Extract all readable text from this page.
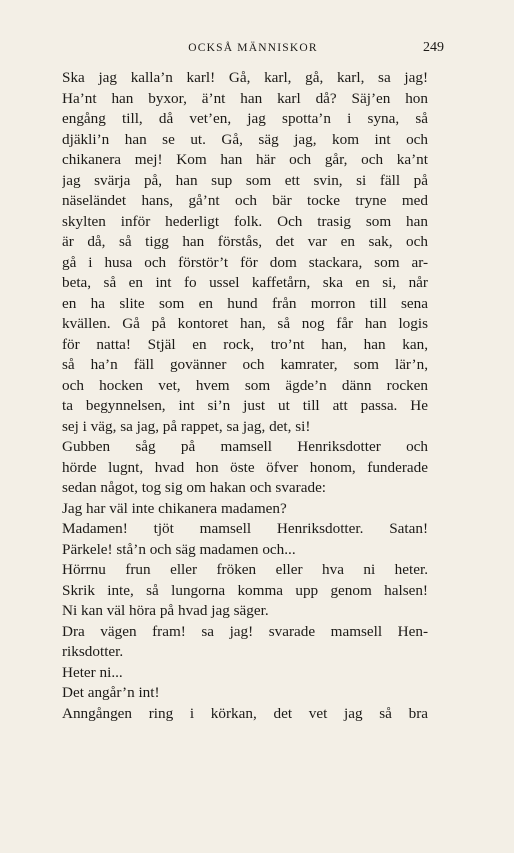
OCKSÅ MÄNNISKOR	249
Ska jag kalla’n karl! Gå, karl, gå, karl, sa jag!
Ha’nt han byxor, ä’nt han karl då? Säj’en hon
engång till, då vet’en, jag spotta’n i syna, så
djäkli’n han se ut. Gå, säg jag, kom int och
chikanera mej! Kom han här och går, och ka’nt
jag svärja på, han sup som ett svin, si fäll på
näseländet hans, gå’nt och bär tocke tryne med
skylten inför hederligt folk. Och trasig som han
är då, så tigg han förstås, det var en sak, och
gå i husa och förstör’t för dom stackara, som ar-
beta, så en int fo ussel kaffetårn, ska en si, når
en ha slite som en hund från morron till sena
kvällen. Gå på kontoret han, så nog får han logis
för natta! Stjäl en rock, tro’nt han, han kan,
så ha’n fäll govänner och kamrater, som lär’n,
och hocken vet, hvem som ägde’n dänn rocken
ta begynnelsen, int si’n just ut till att passa. He
sej i väg, sa jag, på rappet, sa jag, det, si!
Gubben såg på mamsell Henriksdotter och
hörde lugnt, hvad hon öste öfver honom, funderade
sedan något, tog sig om hakan och svarade:
Jag har väl inte chikanera madamen?
Madamen! tjöt mamsell Henriksdotter. Satan!
Pärkele! stå’n och säg madamen och...
Hörrnu frun eller fröken eller hva ni heter.
Skrik inte, så lungorna komma upp genom halsen!
Ni kan väl höra på hvad jag säger.
Dra vägen fram! sa jag! svarade mamsell Hen-
riksdotter.
Heter ni...
Det angår’n int!
Anngången ring i körkan, det vet jag så bra
